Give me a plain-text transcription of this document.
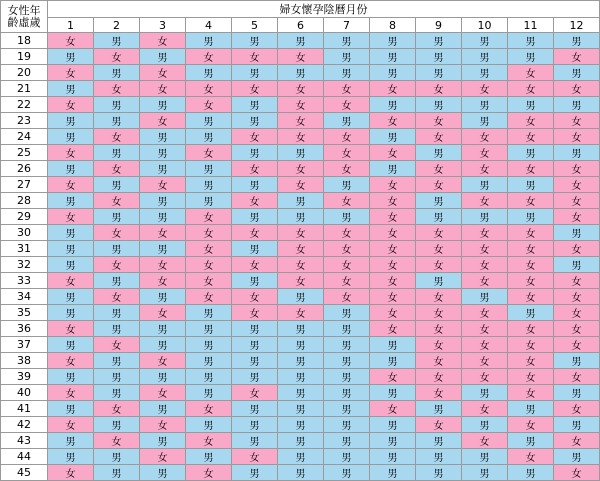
女性年
齡虛歲	婦女懷孕陰曆月份											
	1	2	3	4	5	6	7	8	9	10	11	12
18	女	男	女	男	男	男	男	男	男	男	男	男
19	男	女	男	女	女	女	男	男	男	男	男	女
20	女	男	女	男	男	男	男	男	男	男	女	男
21	男	女	女	女	女	女	女	女	女	女	女	女
22	女	男	男	女	男	女	女	男	男	男	男	男
23	男	男	女	男	男	女	男	女	女	男	女	女
24	男	女	男	男	女	女	女	男	女	女	女	女
25	女	男	男	女	男	男	女	女	男	女	男	男
26	男	女	男	男	女	女	女	男	女	女	女	女
27	女	男	女	男	男	女	男	女	女	男	男	女
28	男	女	男	男	女	男	女	女	男	女	女	女
29	女	男	男	女	男	男	男	女	男	男	男	女
30	男	女	女	女	女	女	女	女	女	女	女	男
31	男	男	男	女	男	女	女	女	女	女	女	女
32	男	女	女	女	女	女	女	女	女	女	女	男
33	女	男	女	女	男	女	女	女	男	女	女	女
34	男	女	男	女	女	男	女	女	女	男	女	女
35	男	男	女	男	女	女	男	女	女	女	男	女
36	女	男	男	男	男	男	男	女	女	女	女	女
37	男	女	男	男	男	男	男	男	女	女	女	女
38	女	男	女	男	男	男	男	男	女	女	女	男
39	男	男	男	男	男	男	男	女	女	女	女	女
40	女	男	女	男	女	男	男	男	女	男	女	男
41	男	女	男	女	男	男	男	女	男	女	男	女
42	女	男	女	男	男	男	男	男	女	男	女	男
43	男	女	男	女	男	男	男	男	男	女	男	女
44	男	男	女	男	女	男	男	男	男	男	女	男
45	女	男	男	女	男	男	男	男	男	男	男	女
